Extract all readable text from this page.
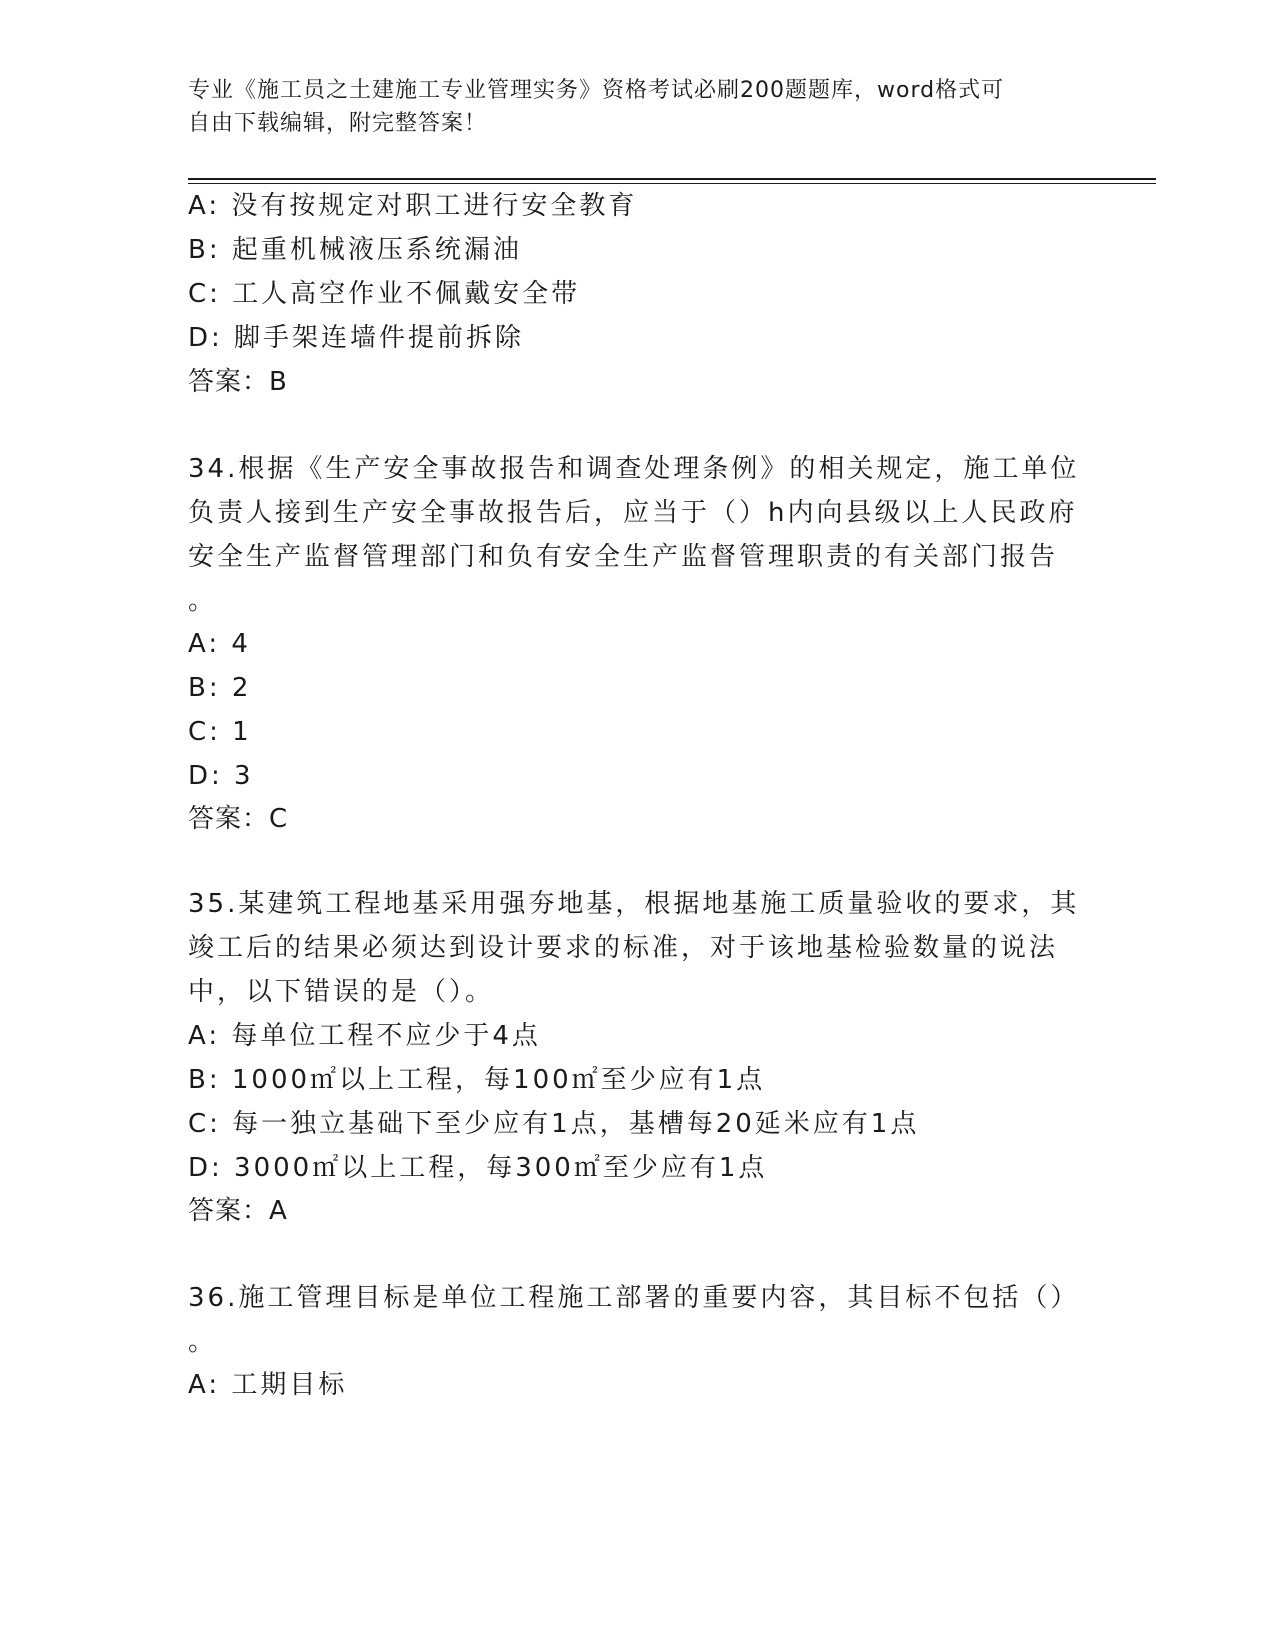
专业《施工员之土建施工专业管理实务》资格考试必刷200题题库，word格式可
自由下载编辑，附完整答案！
A: 没有按规定对职工进行安全教育
B: 起重机械液压系统漏油
C: 工人高空作业不佩戴安全带
D: 脚手架连墙件提前拆除
答案：B
34.根据《生产安全事故报告和调查处理条例》的相关规定，施工单位
负责人接到生产安全事故报告后，应当于（）h内向县级以上人民政府
安全生产监督管理部门和负有安全生产监督管理职责的有关部门报告
。
A: 4
B: 2
C: 1
D: 3
答案：C
35.某建筑工程地基采用强夯地基，根据地基施工质量验收的要求，其
竣工后的结果必须达到设计要求的标准，对于该地基检验数量的说法
中，以下错误的是（）。
A: 每单位工程不应少于4点
B: 1000㎡以上工程，每100㎡至少应有1点
C: 每一独立基础下至少应有1点，基槽每20延米应有1点
D: 3000㎡以上工程，每300㎡至少应有1点
答案：A
36.施工管理目标是单位工程施工部署的重要内容，其目标不包括（）
。
A: 工期目标
